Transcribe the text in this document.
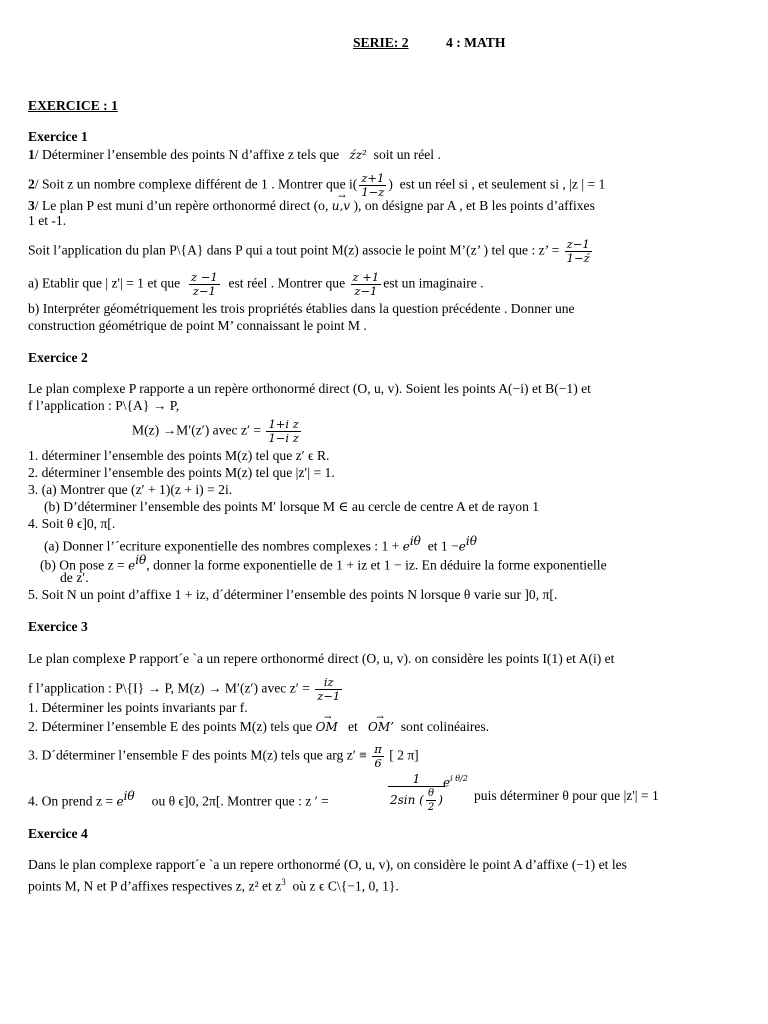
SERIE: 2	4 : MATH
EXERCICE : 1
Exercice 1
1/ Déterminer l’ensemble des points N d’affixe z tels que źz² soit un réel .
2/ Soit z un nombre complexe différent de 1 . Montrer que $i( \frac{z+1}{1-z}$ )  est un réel si , et seulement si , |z | = 1
3/ Le plan P est muni d’un repère orthonormé direct (o, → u,v ), on désigne par A , et B les points d’affixes
1 et -1.
Soit l’application du plan P\{A} dans P qui a tout point M(z) associe le point M’(z’ ) tel que : z’ = $\frac{z-1}{1-ź}$
a) Etablir que | z'| = 1 et que $\frac{z -1}{z-1}$ est réel . Montrer que $\frac{z +1}{z-1}$ est un imaginaire .
b) Interpréter géométriquement les trois propriétés établies dans la question précédente . Donner une
construction géométrique de point M’ connaissant le point M .
Exercice 2
Le plan complexe P rapporte a un repère orthonormé direct (O, u, v). Soient les points A(−i) et B(−1) et
f l’application : P\{A} → P,
M(z) →M′(z′) avec $z' = \frac{\text{1+i z}}{\text{1−i z}}$
1. déterminer l’ensemble des points M(z) tel que z′ ϵ R.
2. déterminer l’ensemble des points M(z) tel que |z′| = 1.
3. (a) Montrer que (z′ + 1)(z + i) = 2i.
(b) D’déterminer l’ensemble des points M′ lorsque M ∈ au cercle de centre A et de rayon 1
4. Soit θ ϵ]0, π[.
(a) Donner l’´ecriture exponentielle des nombres complexes : $1 + e^{i\theta}$ et $1 -e^{i\theta}$
(b) On pose $z = e^{i\theta}$, donner la forme exponentielle de 1 + iz et 1 − iz. En déduire la forme exponentielle
de z′.
5. Soit N un point d’affixe 1 + iz, d´déterminer l’ensemble des points N lorsque θ varie sur ]0, π[.
Exercice 3
Le plan complexe P rapport´e `a un repere orthonormé direct (O, u, v). on considère les points I(1) et A(i) et
f l’application : P\{I} → P, M(z) → M′(z′) avec $z' = \frac{iz}{z-1}$
1. Déterminer les points invariants par f.
2. Déterminer l’ensemble E des points M(z) tels que → OM et → OM’ sont colinéaires.
3. D´déterminer l’ensemble F des points M(z) tels que arg $z' \equiv \frac{\pi}{6}$ [ 2 π]
4. On prend $z = e^{i\theta}$ ou θ ϵ]0, 2π[. Montrer que : z ′ =	$\frac{1}{2\sin ( \frac{\theta}{2} )}$
$e^{i \theta/2}$
puis déterminer θ pour que |z'| = 1
Exercice 4
Dans le plan complexe rapport´e `a un repere orthonormé (O, u, v), on considère le point A d’affixe (−1) et les
points M, N et P d’affixes respectives z, z² et $z^3$ où z ϵ C\{−1, 0, 1}.
